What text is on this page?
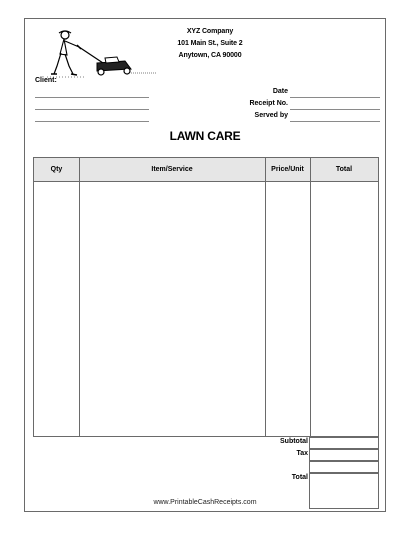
XYZ Company
101 Main St., Suite 2
Anytown, CA 90000
Client:
Date
Receipt No.
Served by
LAWN CARE
Qty	Item/Service	Price/Unit	Total
Subtotal
Tax
Total
www.PrintableCashReceipts.com
